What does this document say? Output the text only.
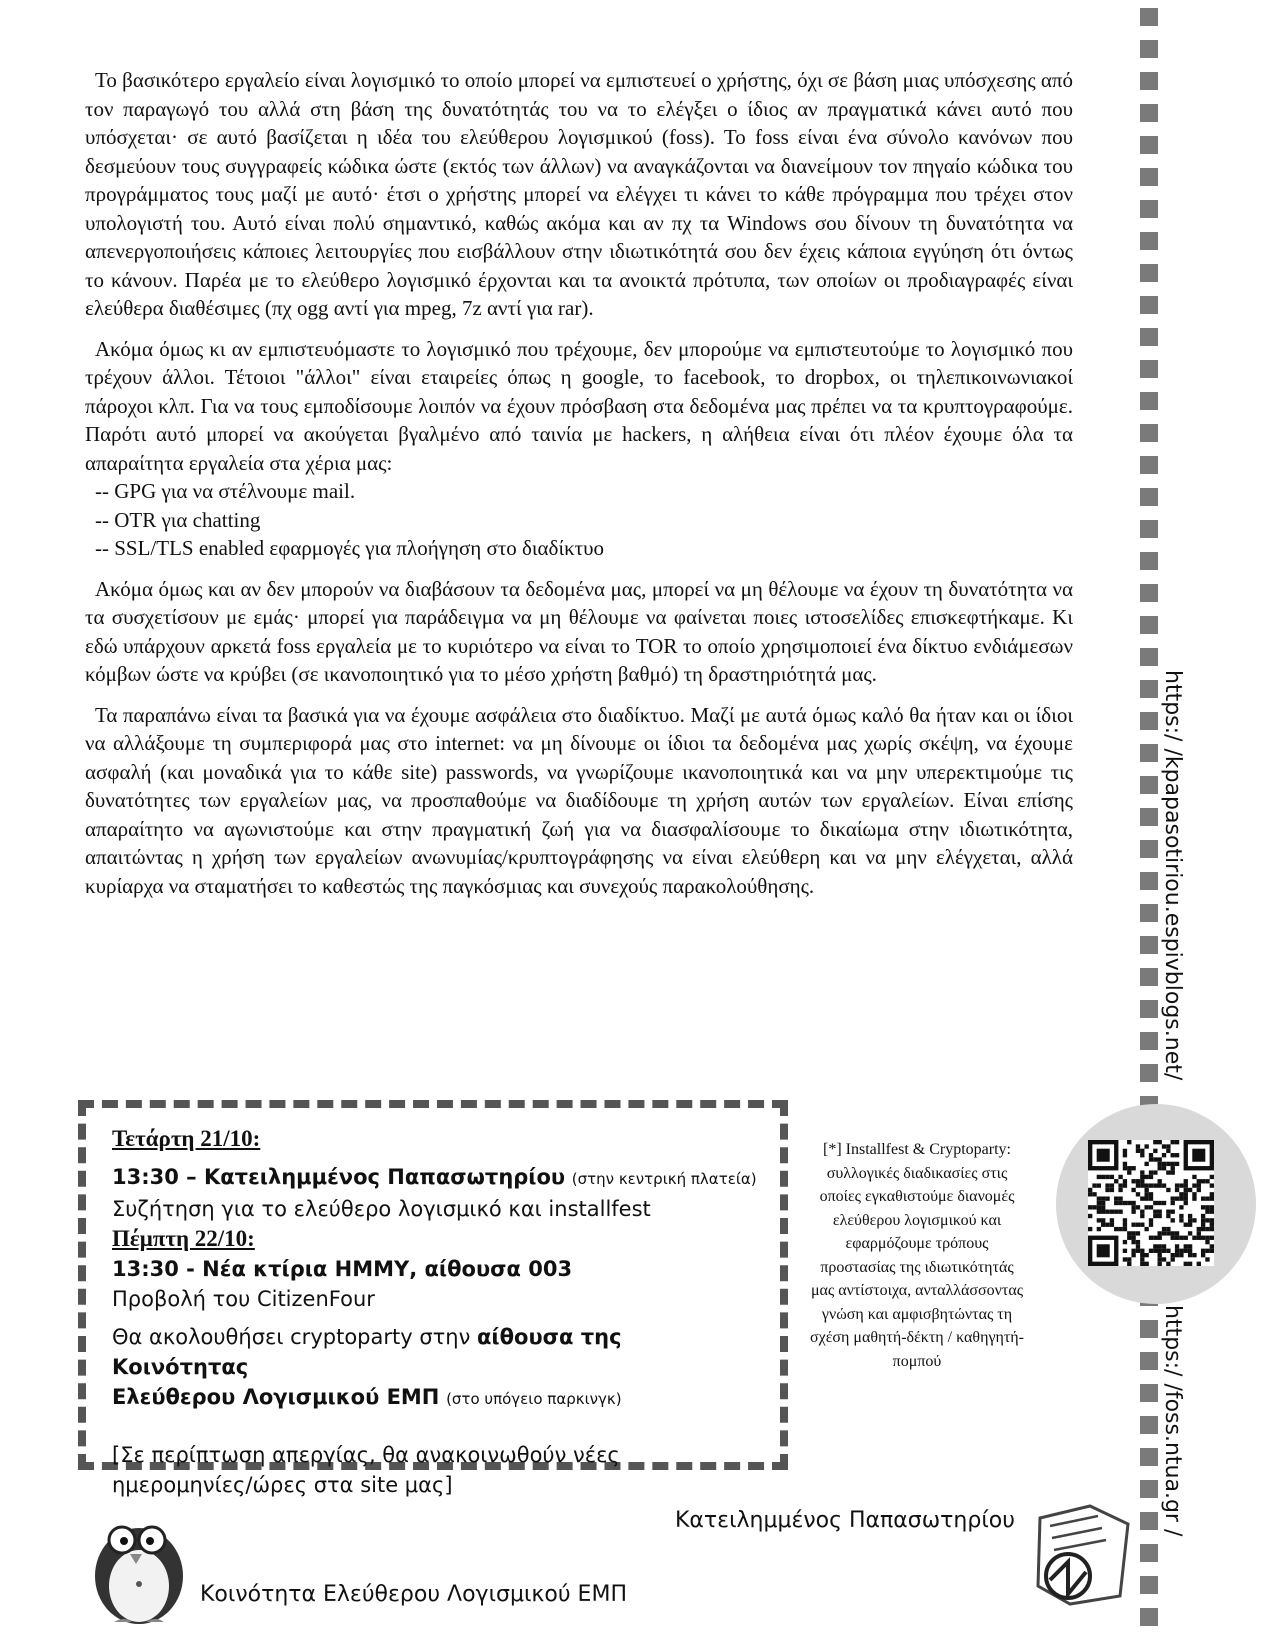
Το βασικότερο εργαλείο είναι λογισμικό το οποίο μπορεί να εμπιστευεί ο χρήστης, όχι σε βάση μιας υπόσχεσης από τον παραγωγό του αλλά στη βάση της δυνατότητάς του να το ελέγξει ο ίδιος αν πραγματικά κάνει αυτό που υπόσχεται· σε αυτό βασίζεται η ιδέα του ελεύθερου λογισμικού (foss). Το foss είναι ένα σύνολο κανόνων που δεσμεύουν τους συγγραφείς κώδικα ώστε (εκτός των άλλων) να αναγκάζονται να διανείμουν τον πηγαίο κώδικα του προγράμματος τους μαζί με αυτό· έτσι ο χρήστης μπορεί να ελέγχει τι κάνει το κάθε πρόγραμμα που τρέχει στον υπολογιστή του. Αυτό είναι πολύ σημαντικό, καθώς ακόμα και αν πχ τα Windows σου δίνουν τη δυνατότητα να απενεργοποιήσεις κάποιες λειτουργίες που εισβάλλουν στην ιδιωτικότητά σου δεν έχεις κάποια εγγύηση ότι όντως το κάνουν. Παρέα με το ελεύθερο λογισμικό έρχονται και τα ανοικτά πρότυπα, των οποίων οι προδιαγραφές είναι ελεύθερα διαθέσιμες (πχ ogg αντί για mpeg, 7z αντί για rar).

Ακόμα όμως κι αν εμπιστευόμαστε το λογισμικό που τρέχουμε, δεν μπορούμε να εμπιστευτούμε το λογισμικό που τρέχουν άλλοι. Τέτοιοι "άλλοι" είναι εταιρείες όπως η google, το facebook, το dropbox, οι τηλεπικοινωνιακοί πάροχοι κλπ. Για να τους εμποδίσουμε λοιπόν να έχουν πρόσβαση στα δεδομένα μας πρέπει να τα κρυπτογραφούμε. Παρότι αυτό μπορεί να ακούγεται βγαλμένο από ταινία με hackers, η αλήθεια είναι ότι πλέον έχουμε όλα τα απαραίτητα εργαλεία στα χέρια μας:

-- GPG για να στέλνουμε mail.
-- OTR για chatting
-- SSL/TLS enabled εφαρμογές για πλοήγηση στο διαδίκτυο

Ακόμα όμως και αν δεν μπορούν να διαβάσουν τα δεδομένα μας, μπορεί να μη θέλουμε να έχουν τη δυνατότητα να τα συσχετίσουν με εμάς· μπορεί για παράδειγμα να μη θέλουμε να φαίνεται ποιες ιστοσελίδες επισκεφτήκαμε. Κι εδώ υπάρχουν αρκετά foss εργαλεία με το κυριότερο να είναι το TOR το οποίο χρησιμοποιεί ένα δίκτυο ενδιάμεσων κόμβων ώστε να κρύβει (σε ικανοποιητικό για το μέσο χρήστη βαθμό) τη δραστηριότητά μας.

Τα παραπάνω είναι τα βασικά για να έχουμε ασφάλεια στο διαδίκτυο. Μαζί με αυτά όμως καλό θα ήταν και οι ίδιοι να αλλάξουμε τη συμπεριφορά μας στο internet: να μη δίνουμε οι ίδιοι τα δεδομένα μας χωρίς σκέψη, να έχουμε ασφαλή (και μοναδικά για το κάθε site) passwords, να γνωρίζουμε ικανοποιητικά και να μην υπερεκτιμούμε τις δυνατότητες των εργαλείων μας, να προσπαθούμε να διαδίδουμε τη χρήση αυτών των εργαλείων. Είναι επίσης απαραίτητο να αγωνιστούμε και στην πραγματική ζωή για να διασφαλίσουμε το δικαίωμα στην ιδιωτικότητα, απαιτώντας η χρήση των εργαλείων ανωνυμίας/κρυπτογράφησης να είναι ελεύθερη και να μην ελέγχεται, αλλά κυρίαρχα να σταματήσει το καθεστώς της παγκόσμιας και συνεχούς παρακολούθησης.	https:/ /kpapasotiriou.espivblogs.net/
https:/ /foss.ntua.gr /
Τετάρτη 21/10:
13:30 – Κατειλημμένος Παπασωτηρίου (στην κεντρική πλατεία)
Συζήτηση για το ελεύθερο λογισμικό και installfest
Πέμπτη 22/10:
13:30 - Νέα κτίρια ΗΜΜΥ, αίθουσα 003
Προβολή του CitizenFour
Θα ακολουθήσει cryptoparty στην αίθουσα της Κοινότητας
Ελεύθερου Λογισμικού ΕΜΠ (στο υπόγειο παρκινγκ)
[Σε περίπτωση απεργίας, θα ανακοινωθούν νέες
ημερομηνίες/ώρες στα site μας]
[*] Installfest & Cryptoparty: συλλογικές διαδικασίες στις οποίες εγκαθιστούμε διανομές ελεύθερου λογισμικού και εφαρμόζουμε τρόπους προστασίας της ιδιωτικότητάς μας αντίστοιχα, ανταλλάσσοντας γνώση και αμφισβητώντας τη σχέση μαθητή-δέκτη / καθηγητή-πομπού
Κατειλημμένος Παπασωτηρίου
Κοινότητα Ελεύθερου Λογισμικού ΕΜΠ
